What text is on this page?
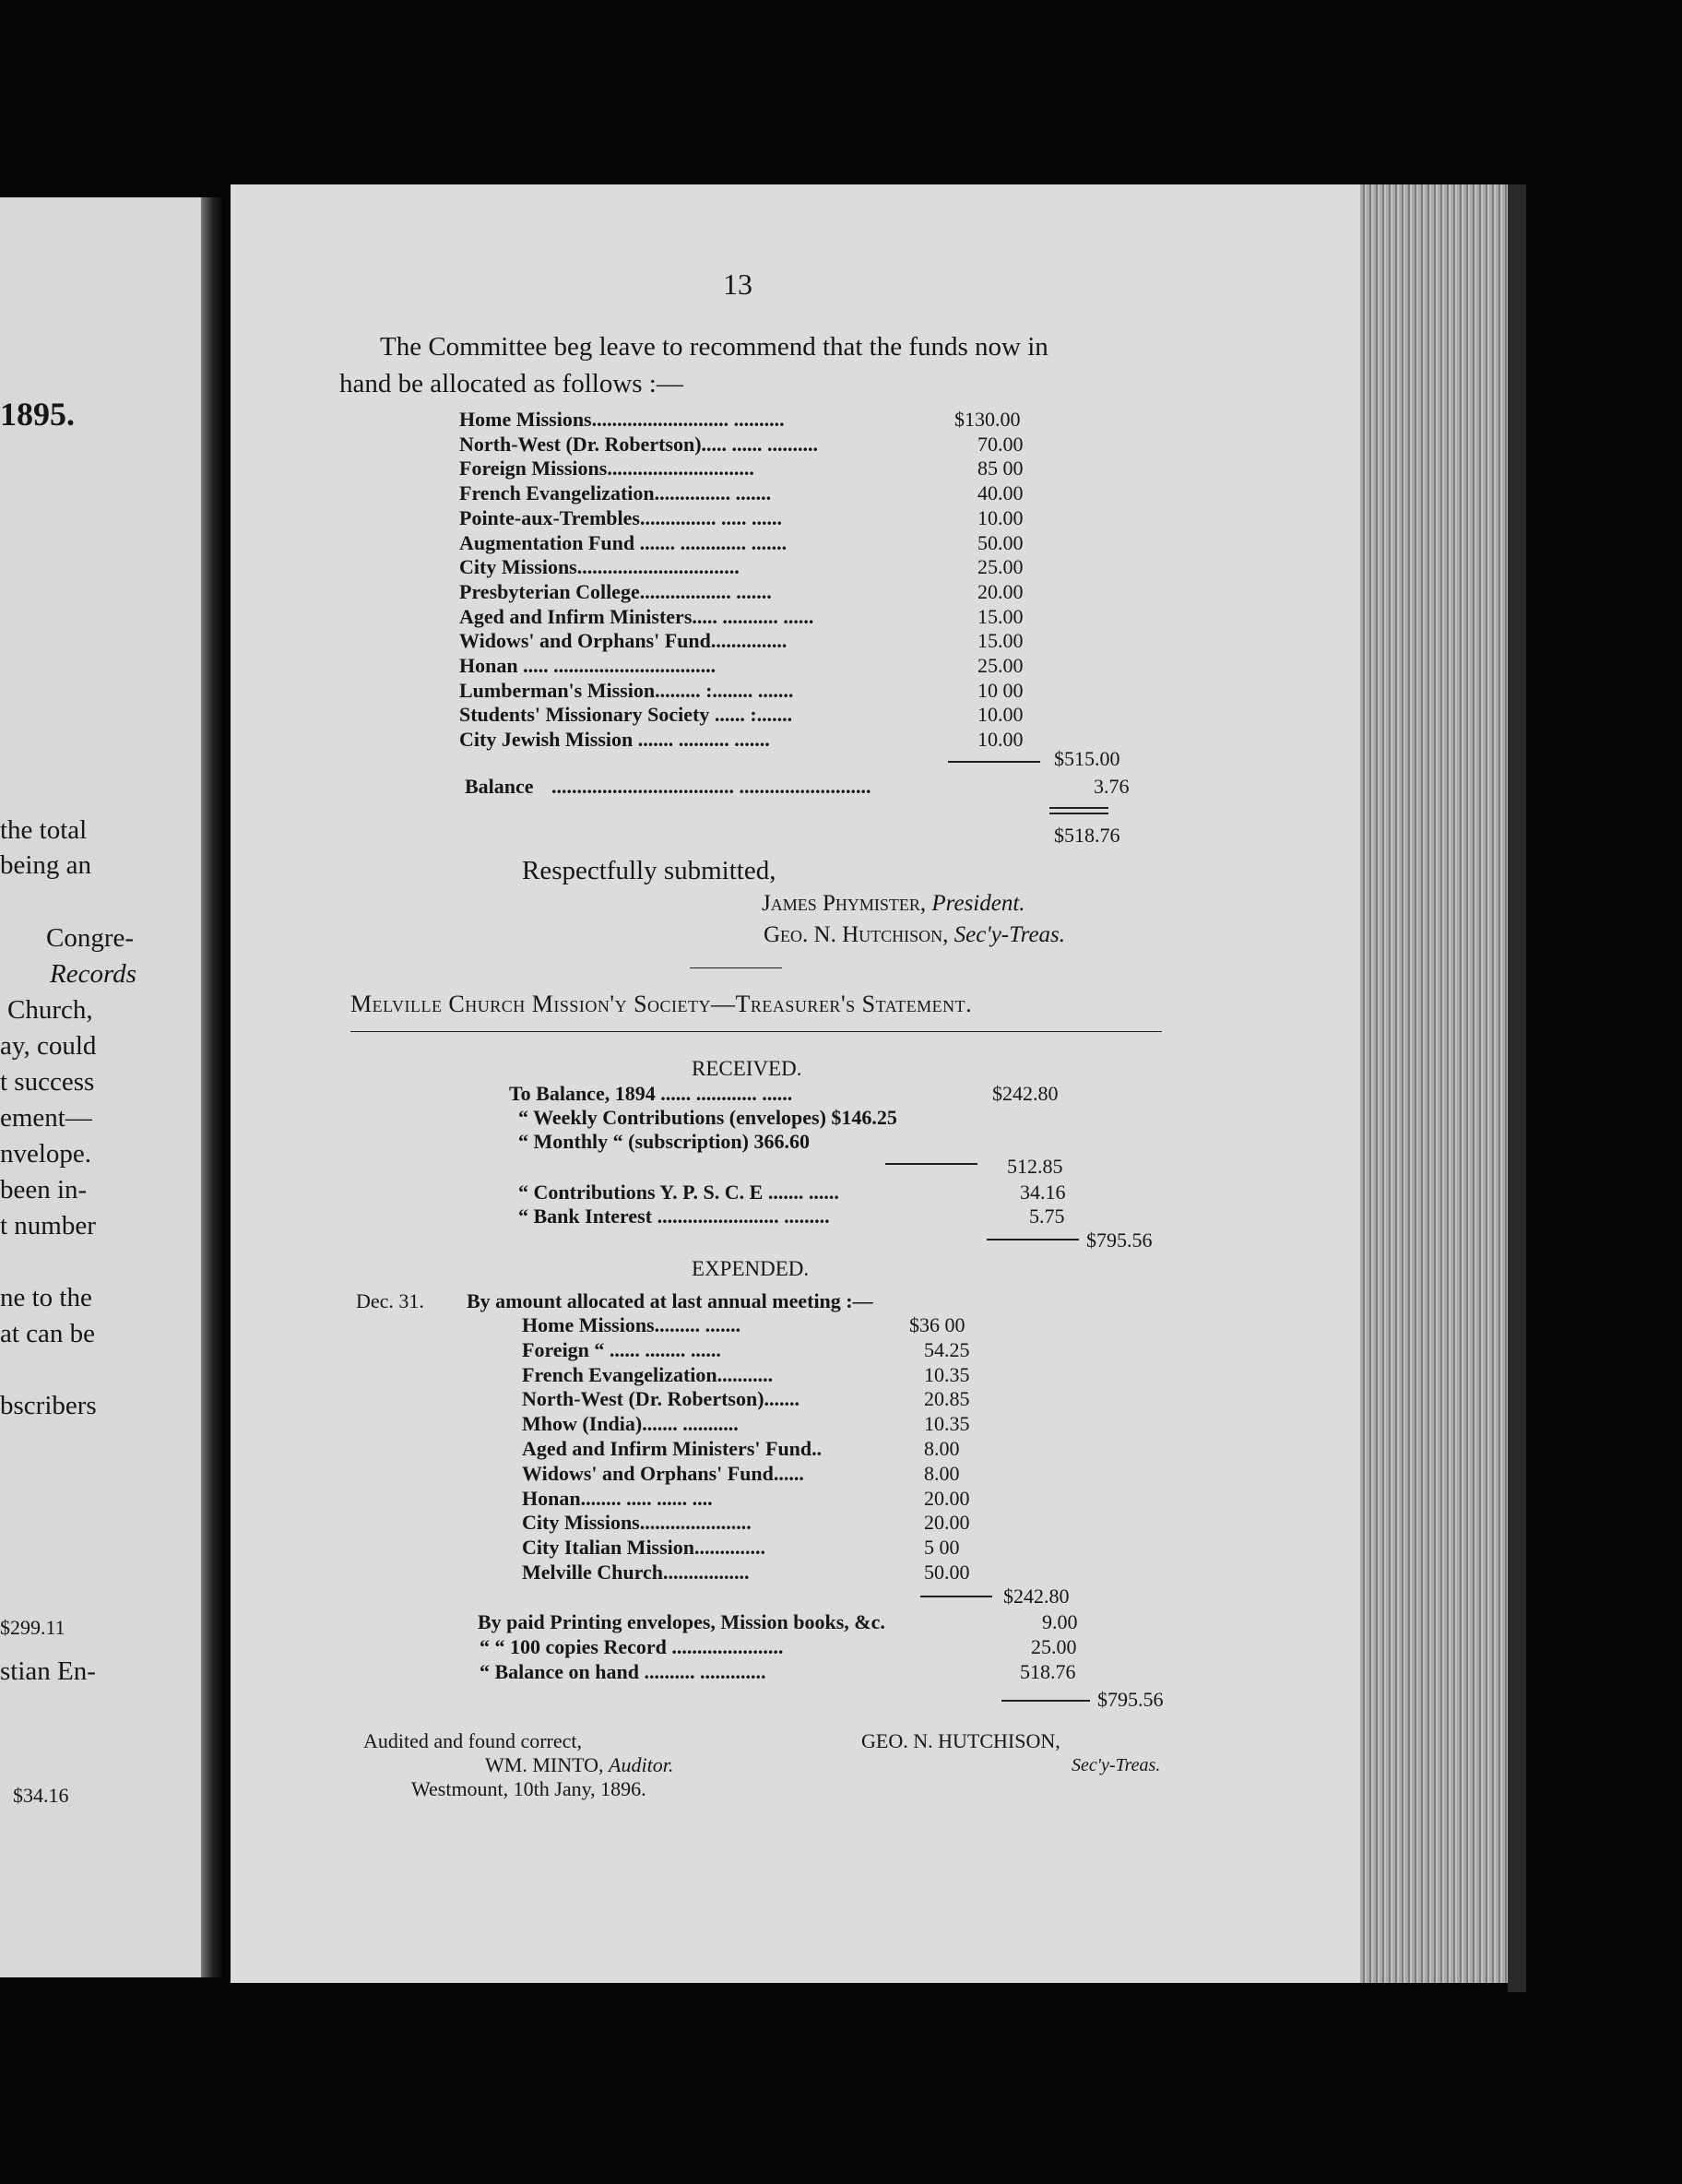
1895.
the total
being an
Congre-
Records
Church,
ay, could
t success
ement—
nvelope.
been in-
t number
ne to the
at can be
bscribers
$299.11
stian En-
$34.16
13
The Committee beg leave to recommend that the funds now in
hand be allocated as follows :—
Home Missions........................... ..........	$130.00
North-West (Dr. Robertson)..... ...... ..........	70.00
Foreign Missions.............................	85 00
French Evangelization............... .......	40.00
Pointe-aux-Trembles............... ..... ......	10.00
Augmentation Fund ....... ............. .......	50.00
City Missions................................	25.00
Presbyterian College.................. .......	20.00
Aged and Infirm Ministers..... ........... ......	15.00
Widows' and Orphans' Fund...............	15.00
Honan ..... ................................	25.00
Lumberman's Mission......... :........ .......	10 00
Students' Missionary Society ...... :.......	10.00
City Jewish Mission ....... .......... .......	10.00
$515.00
Balance .................................... ..........................	3.76
$518.76
Respectfully submitted,
James Phymister, President.
Geo. N. Hutchison, Sec'y-Treas.
Melville Church Mission'y Society—Treasurer's Statement.
RECEIVED.
To Balance, 1894 ...... ............ ......	$242.80
“ Weekly Contributions (envelopes) $146.25
“ Monthly “ (subscription) 366.60
512.85
“ Contributions Y. P. S. C. E ....... ......	34.16
“ Bank Interest ........................ .........	5.75
$795.56
EXPENDED.
Dec. 31. By amount allocated at last annual meeting :—
Home Missions......... .......	$36 00
Foreign “ ...... ........ ......	54.25
French Evangelization...........	10.35
North-West (Dr. Robertson).......	20.85
Mhow (India)....... ...........	10.35
Aged and Infirm Ministers' Fund..	8.00
Widows' and Orphans' Fund......	8.00
Honan........ ..... ...... ....	20.00
City Missions......................	20.00
City Italian Mission..............	5 00
Melville Church.................	50.00
$242.80
By paid Printing envelopes, Mission books, &c.	9.00
“ “ 100 copies Record ......................	25.00
“ Balance on hand .......... .............	518.76
$795.56
Audited and found correct,
WM. MINTO, Auditor.
Westmount, 10th Jany, 1896.
GEO. N. HUTCHISON,
Sec'y-Treas.
